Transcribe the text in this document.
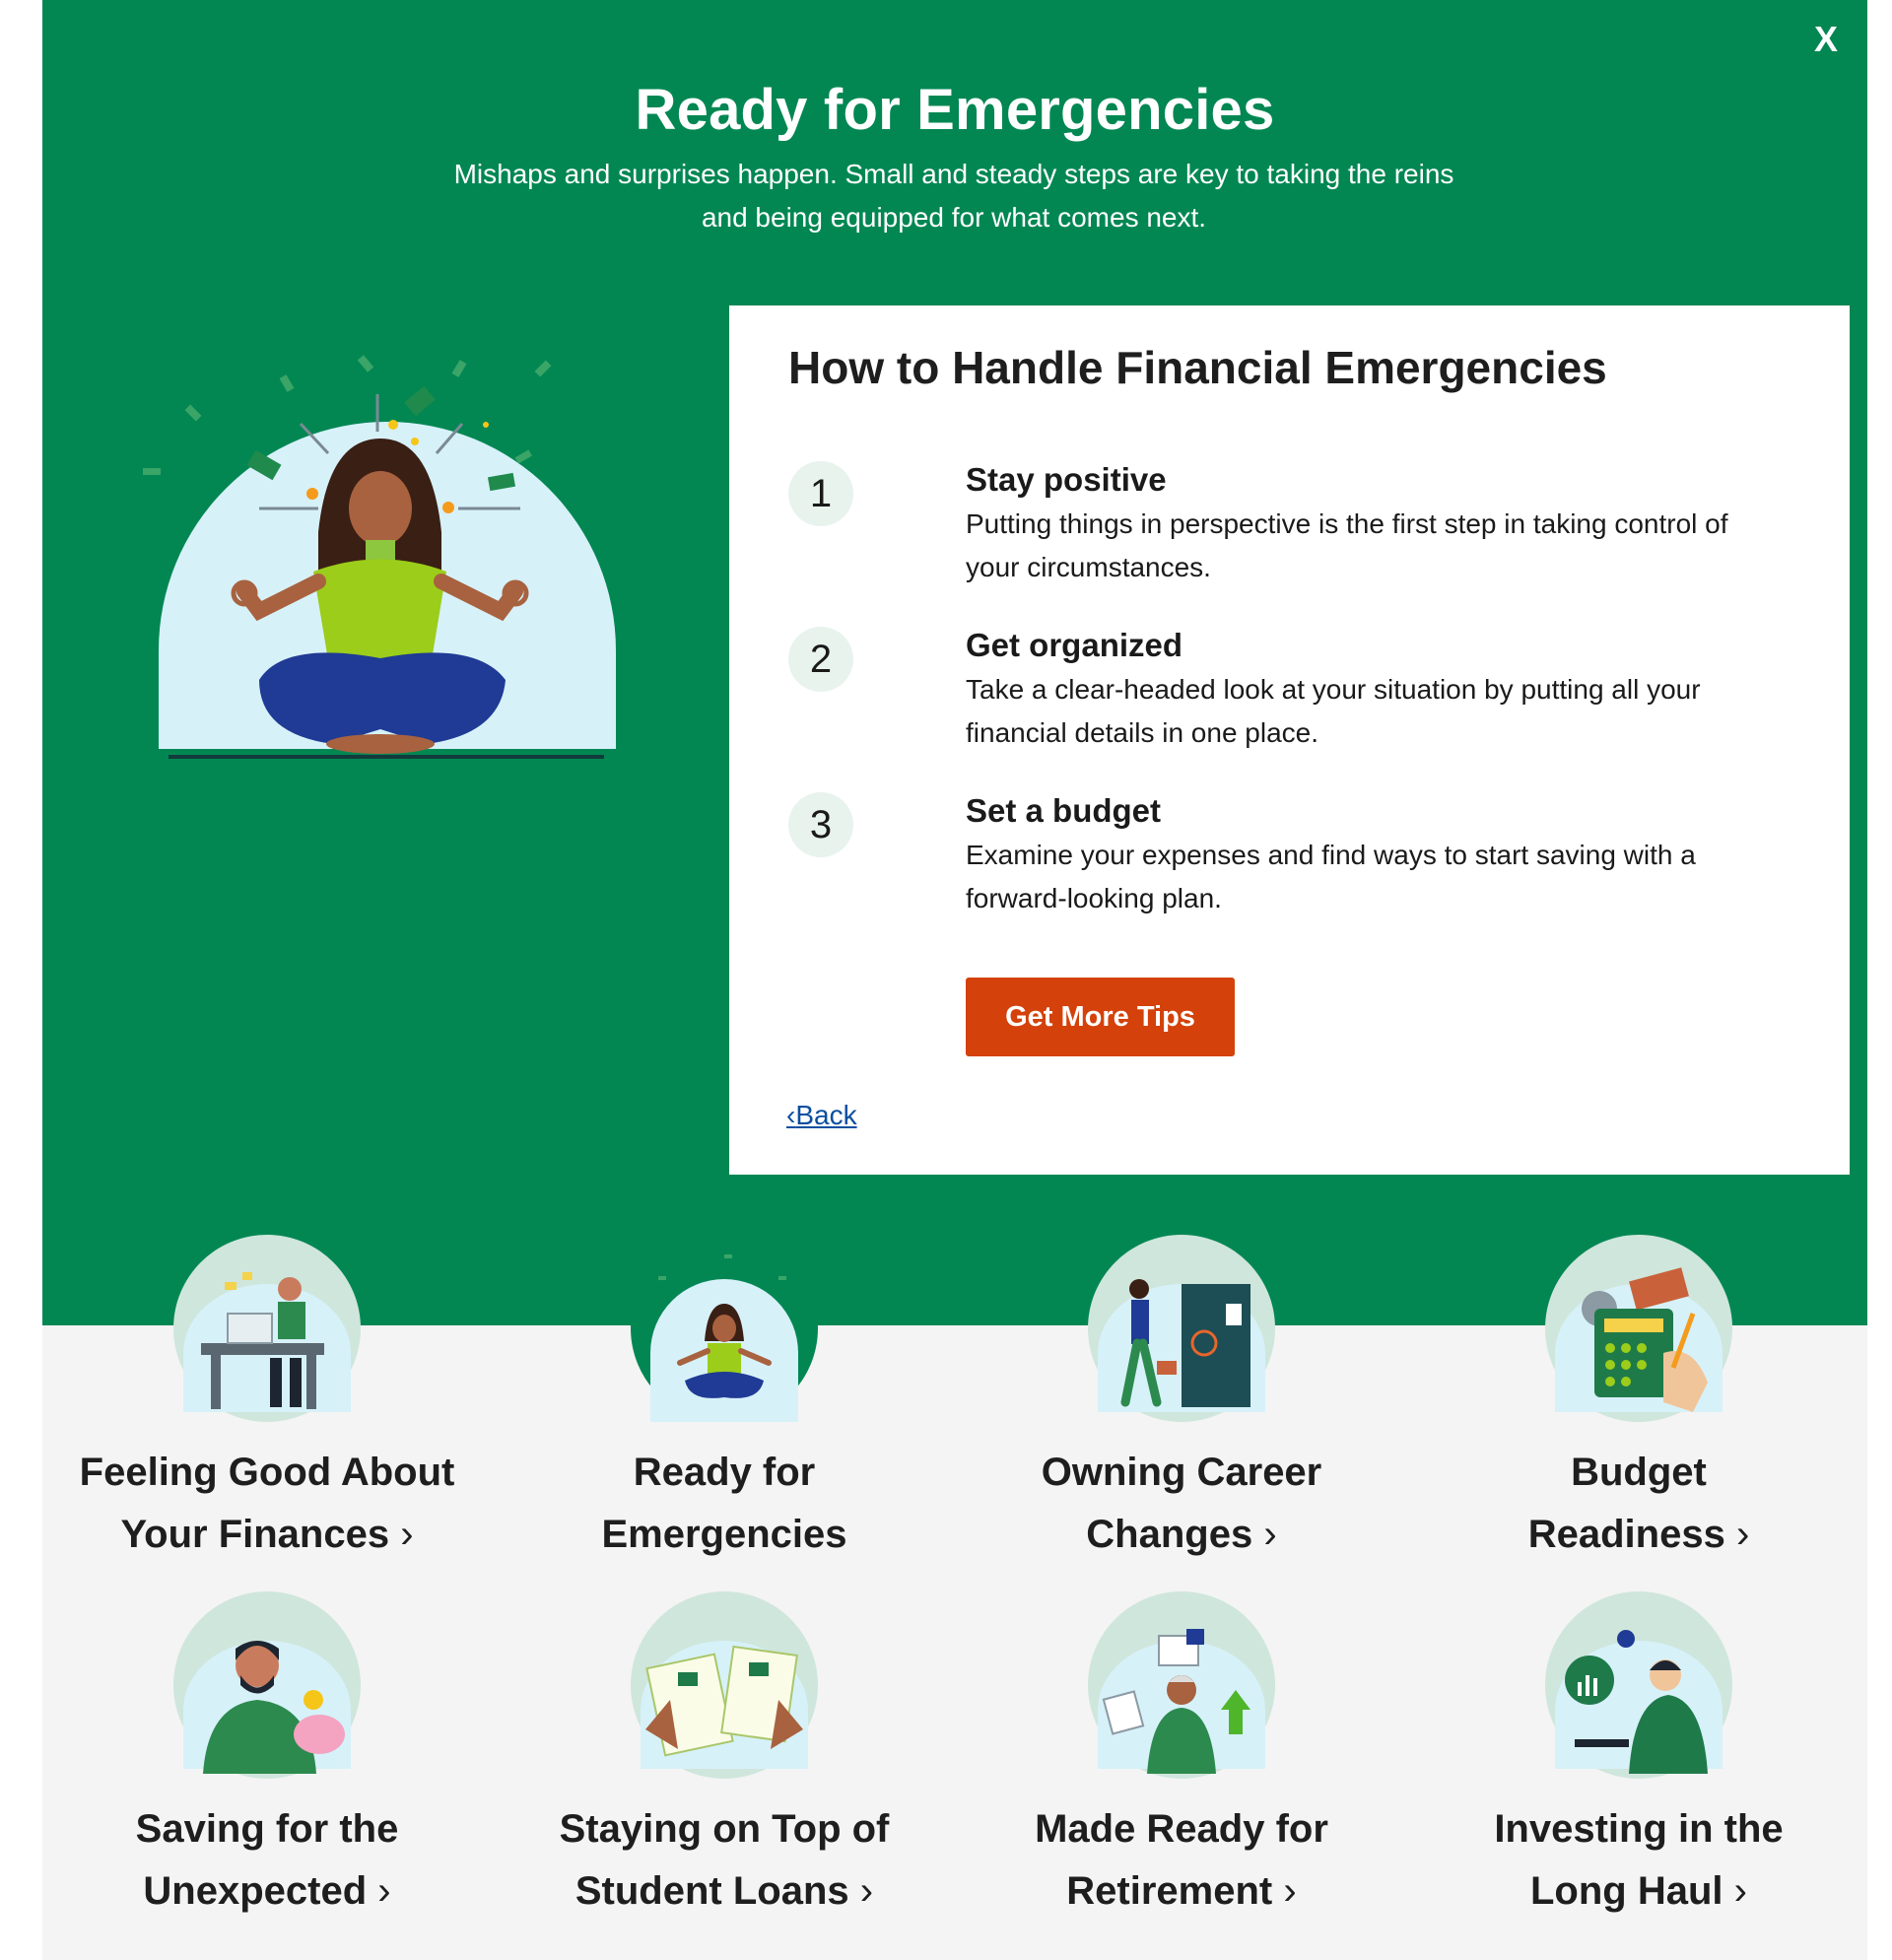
X
Ready for Emergencies
Mishaps and surprises happen. Small and steady steps are key to taking the reins and being equipped for what comes next.
How to Handle Financial Emergencies
1	Stay positive
Putting things in perspective is the first step in taking control of your circumstances.
2	Get organized
Take a clear-headed look at your situation by putting all your financial details in one place.
3	Set a budget
Examine your expenses and find ways to start saving with a forward-looking plan.
Get More Tips
‹Back
Feeling Good About
Your Finances ›
Ready for
Emergencies
Owning Career
Changes ›
Budget
Readiness ›
Saving for the
Unexpected ›
Staying on Top of
Student Loans ›
Made Ready for
Retirement ›
Investing in the
Long Haul ›
